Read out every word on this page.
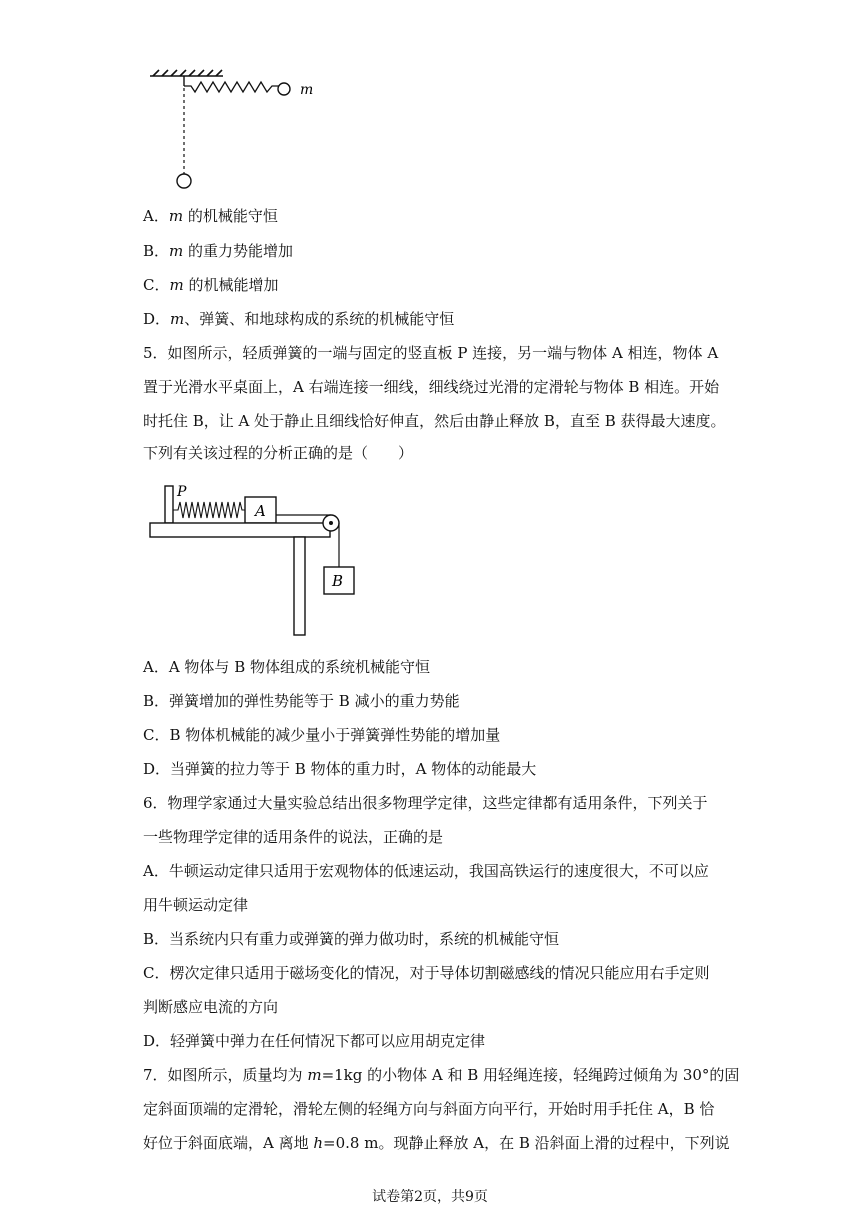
m
A．m 的机械能守恒
B．m 的重力势能增加
C．m 的机械能增加
D．m、弹簧、和地球构成的系统的机械能守恒
5．如图所示，轻质弹簧的一端与固定的竖直板 P 连接，另一端与物体 A 相连，物体 A
置于光滑水平桌面上，A 右端连接一细线，细线绕过光滑的定滑轮与物体 B 相连。开始
时托住 B，让 A 处于静止且细线恰好伸直，然后由静止释放 B，直至 B 获得最大速度。
下列有关该过程的分析正确的是（　　）
P
A
B
A．A 物体与 B 物体组成的系统机械能守恒
B．弹簧增加的弹性势能等于 B 减小的重力势能
C．B 物体机械能的减少量小于弹簧弹性势能的增加量
D．当弹簧的拉力等于 B 物体的重力时，A 物体的动能最大
6．物理学家通过大量实验总结出很多物理学定律，这些定律都有适用条件，下列关于
一些物理学定律的适用条件的说法，正确的是
A．牛顿运动定律只适用于宏观物体的低速运动，我国高铁运行的速度很大，不可以应
用牛顿运动定律
B．当系统内只有重力或弹簧的弹力做功时，系统的机械能守恒
C．楞次定律只适用于磁场变化的情况，对于导体切割磁感线的情况只能应用右手定则
判断感应电流的方向
D．轻弹簧中弹力在任何情况下都可以应用胡克定律
7．如图所示，质量均为 m=1kg 的小物体 A 和 B 用轻绳连接，轻绳跨过倾角为 30°的固
定斜面顶端的定滑轮，滑轮左侧的轻绳方向与斜面方向平行，开始时用手托住 A，B 恰
好位于斜面底端，A 离地 h=0.8 m。现静止释放 A，在 B 沿斜面上滑的过程中，下列说
试卷第2页，共9页
